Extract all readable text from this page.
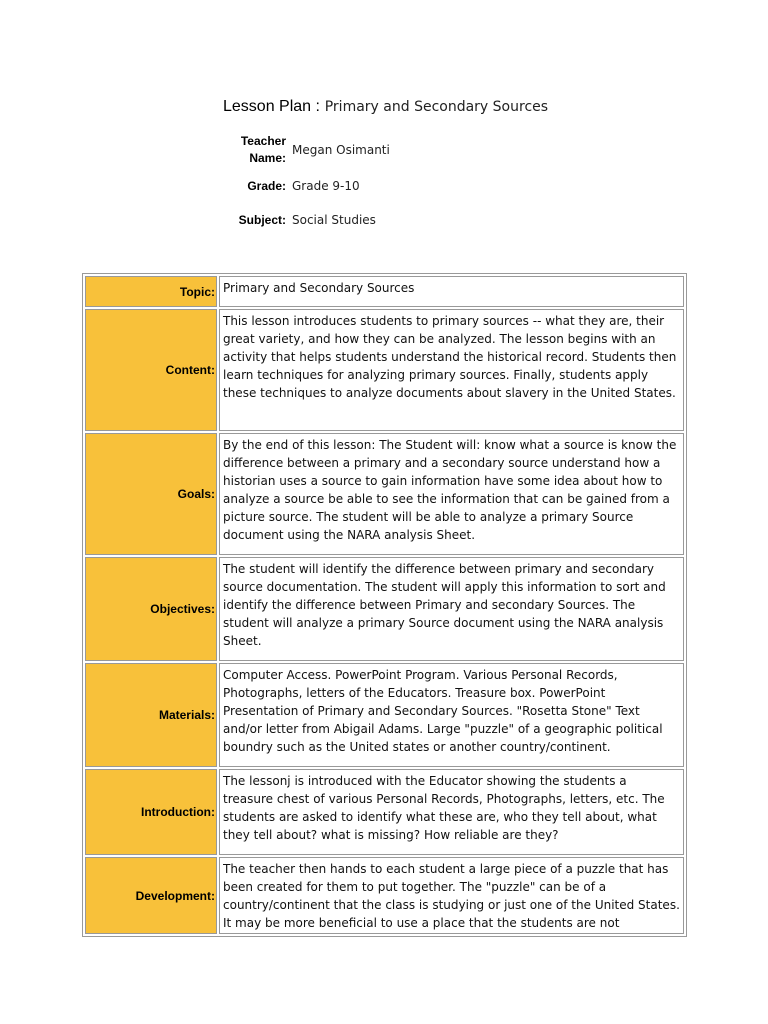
Lesson Plan : Primary and Secondary Sources
Teacher
Name:	Megan Osimanti
Grade:	Grade 9-10
Subject:	Social Studies
Topic:	Primary and Secondary Sources
Content:	This lesson introduces students to primary sources -- what they are, their great variety, and how they can be analyzed. The lesson begins with an activity that helps students understand the historical record. Students then learn techniques for analyzing primary sources. Finally, students apply these techniques to analyze documents about slavery in the United States.
Goals:	By the end of this lesson: The Student will: know what a source is know the difference between a primary and a secondary source understand how a historian uses a source to gain information have some idea about how to analyze a source be able to see the information that can be gained from a picture source. The student will be able to analyze a primary Source document using the NARA analysis Sheet.
Objectives:	The student will identify the difference between primary and secondary source documentation. The student will apply this information to sort and identify the difference between Primary and secondary Sources. The student will analyze a primary Source document using the NARA analysis Sheet.
Materials:	Computer Access. PowerPoint Program. Various Personal Records, Photographs, letters of the Educators. Treasure box. PowerPoint Presentation of Primary and Secondary Sources. "Rosetta Stone" Text and/or letter from Abigail Adams. Large "puzzle" of a geographic political boundry such as the United states or another country/continent.
Introduction:	The lessonj is introduced with the Educator showing the students a treasure chest of various Personal Records, Photographs, letters, etc. The students are asked to identify what these are, who they tell about, what they tell about? what is missing? How reliable are they?
Development:	The teacher then hands to each student a large piece of a puzzle that has been created for them to put together. The "puzzle" can be of a country/continent that the class is studying or just one of the United States. It may be more beneficial to use a place that the students are not
